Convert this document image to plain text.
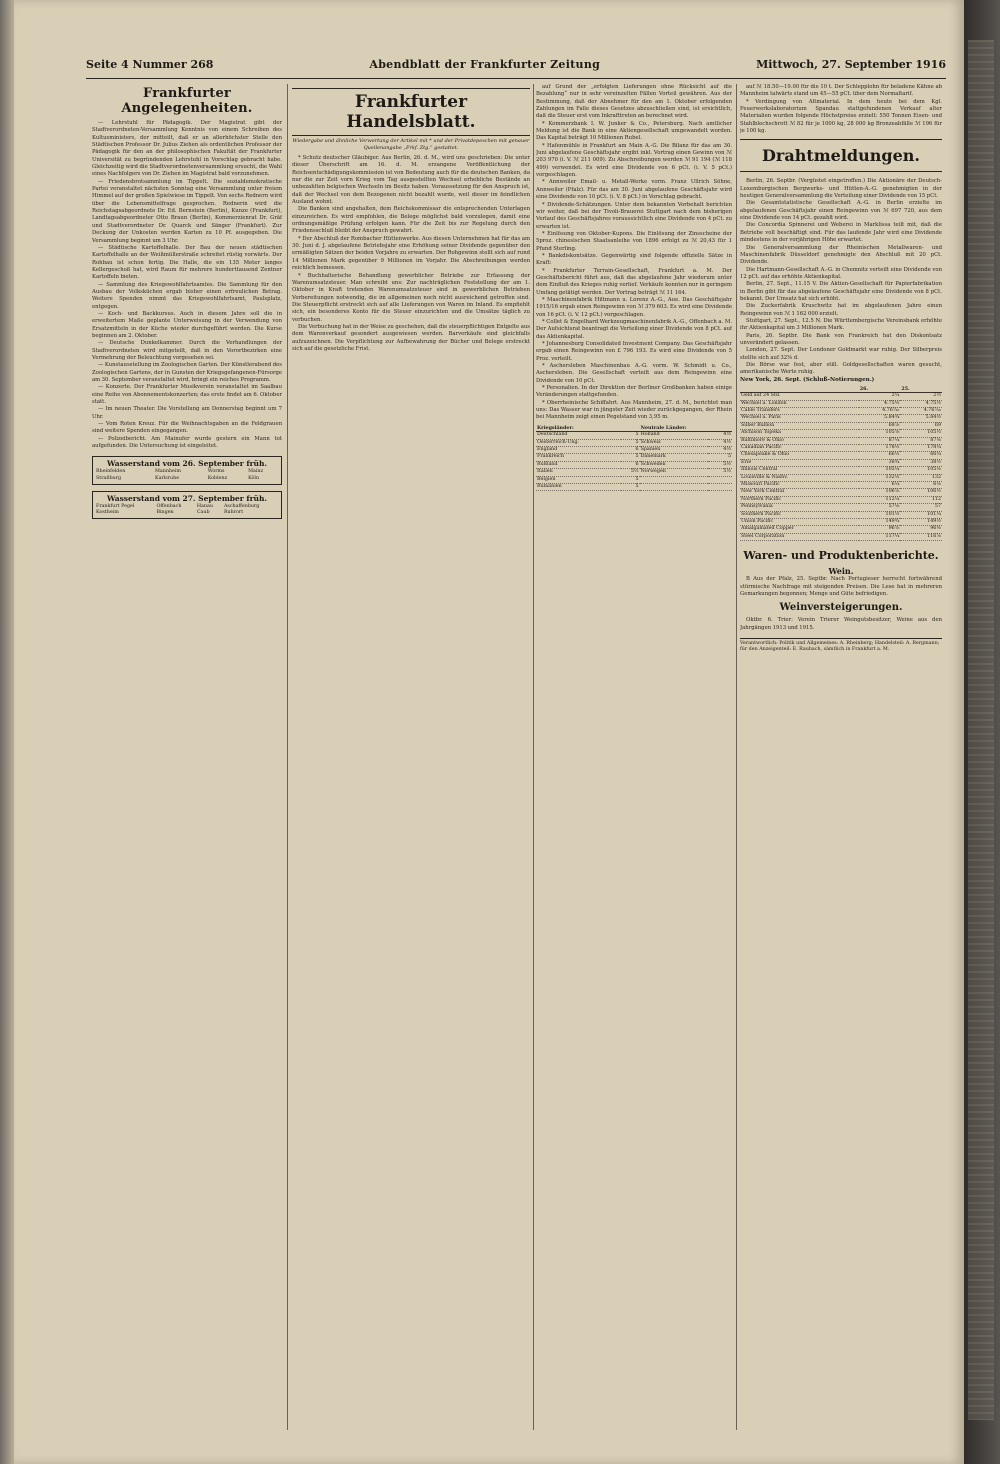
Seite 4 Nummer 268	Abendblatt der Frankfurter Zeitung	Mittwoch, 27. September 1916
Frankfurter Angelegenheiten.

— Lehrstuhl für Pädagogik. Der Magistrat gibt der Stadtverordneten-Versammlung Kenntnis von einem Schreiben des Kultusministers, der mitteilt, daß er an allerhöchster Stelle den Städtischen Professor Dr. Julius Ziehen als ordentlichen Professor der Pädagogik für den an der philosophischen Fakultät der Frankfurter Universität zu begründenden Lehrstuhl in Vorschlag gebracht habe. Gleichzeitig wird die Stadtverordnetenversammlung ersucht, die Wahl eines Nachfolgers von Dr. Ziehen im Magistrat bald vorzunehmen.

— Friedensbrotsammlung im Tippelt. Die sozialdemokratische Partei veranstaltet nächsten Sonntag eine Versammlung unter freiem Himmel auf der großen Spielwiese im Tippelt. Von sechs Rednern wird über die Lebensmittelfrage gesprochen. Rednerin wird die Reichstagsabgeordnete Dr. Ed. Bernstein (Berlin), Kunze (Frankfurt), Landtagsabgeordneter Otto Braun (Berlin), Kommerzienrat Dr. Gräf und Stadtverordneter Dr. Quarck und Sänger (Frankfurt). Zur Deckung der Unkosten werden Karten zu 10 Pf. ausgegeben. Die Versammlung beginnt um 3 Uhr.

— Städtische Kartoffelhalle. Der Bau der neuen städtischen Kartoffelhalle an der Weißmüllerstraße schreitet rüstig vorwärts. Der Rohbau ist schon fertig. Die Halle, die ein 135 Meter langes Kellergeschoß hat, wird Raum für mehrere hunderttausend Zentner Kartoffeln bieten.

— Sammlung des Kriegswohlfahrtsamtes. Die Sammlung für den Ausbau der Volksküchen ergab bisher einen erfreulichen Betrag. Weitere Spenden nimmt das Kriegswohlfahrtsamt, Paulsplatz, entgegen.

— Koch- und Backkursus. Auch in diesem Jahre soll die in erweitertem Maße geplante Unterweisung in der Verwendung von Ersatzmitteln in der Küche wieder durchgeführt werden. Die Kurse beginnen am 2. Oktober.

— Deutsche Dunkelkammer. Durch die Verhandlungen der Stadtverordneten wird mitgeteilt, daß in den Vorortbezirken eine Vermehrung der Beleuchtung vorgesehen sei.

— Kunstausstellung im Zoologischen Garten. Der Künstlerabend des Zoologischen Gartens, der in Gunsten der Kriegsgefangenen-Fürsorge am 30. September veranstaltet wird, bringt ein reiches Programm.

— Konzerte. Der Frankfurter Musikverein veranstaltet im Saalbau eine Reihe von Abonnementskonzerten; das erste findet am 6. Oktober statt.

— Im neuen Theater. Die Vorstellung am Donnerstag beginnt um 7 Uhr.

— Vom Roten Kreuz. Für die Weihnachtsgaben an die Feldgrauen sind weitere Spenden eingegangen.

— Polizeibericht. Am Mainufer wurde gestern ein Mann tot aufgefunden. Die Untersuchung ist eingeleitet.

Wasserstand vom 26. September früh.
Rheinfelden	Mannheim	Worms	Mainz
Straßburg	Karlsruhe	Koblenz	Köln
Wasserstand vom 27. September früh.
Frankfurt Pegel	Offenbach	Hanau	Aschaffenburg
Kostheim	Bingen	Caub	Ruhrort
Frankfurter Handelsblatt.
Wiedergabe und ähnliche Verwertung der Artikel mit * und der Privatdepeschen mit genauer Quellenangabe „Frkf. Ztg.“ gestattet.

* Schutz deutscher Gläubiger. Aus Berlin, 26. d. M., wird uns geschrieben: Die unter dieser Überschrift am 16. d. M. erzangene Veröffentlichung der Reichsentschädigungskommission ist von Bedeutung auch für die deutschen Banken, da nur die zur Zeit vorn Krieg vom Tag ausgestellten Wechsel erhebliche Bestände an unbezahlten belgischen Wechseln im Besitz haben. Voraussetzung für den Anspruch ist, daß der Wechsel von dem Bezogenen nicht bezahlt wurde, weil dieser im feindlichen Ausland wohnt.

Die Banken sind angehalten, dem Reichskommissar die entsprechenden Unterlagen einzureichen. Es wird empfohlen, die Belege möglichst bald vorzulegen, damit eine ordnungsmäßige Prüfung erfolgen kann. Für die Zeit bis zur Regelung durch den Friedensschluß bleibt der Anspruch gewahrt.

* Der Abschluß der Rombacher Hüttenwerke. Aus diesen Unternehmen hat für das am 30. Juni d. J. abgelaufene Betriebsjahr eine Erhöhung seiner Dividende gegenüber den ermäßigten Sätzen der beiden Vorjahre zu erwarten. Der Rohgewinn stellt sich auf rund 14 Millionen Mark gegenüber 9 Millionen im Vorjahr. Die Abschreibungen werden reichlich bemessen.

* Buchhalterische Behandlung gewerblicher Betriebe zur Erfassung der Warenumsatzsteuer. Man schreibt uns: Zur nachträglichen Feststellung der am 1. Oktober in Kraft tretenden Warenumsatzsteuer sind in gewerblichen Betrieben Vorbereitungen notwendig, die im allgemeinen noch nicht ausreichend getroffen sind. Die Steuerpflicht erstreckt sich auf alle Lieferungen von Waren im Inland. Es empfiehlt sich, ein besonderes Konto für die Steuer einzurichten und die Umsätze täglich zu verbuchen.

Die Verbuchung hat in der Weise zu geschehen, daß die steuerpflichtigen Entgelte aus dem Warenverkauf gesondert ausgewiesen werden. Barverkäufe sind gleichfalls aufzuzeichnen. Die Verpflichtung zur Aufbewahrung der Bücher und Belege erstreckt sich auf die gesetzliche Frist.

auf Grund der „erfolgten Lieferungen ohne Rücksicht auf die Bezahlung“ nur in sehr vereinzelten Fällen Vorteil gewähren. Aus der Bestimmung, daß der Abnehmer für den am 1. Oktober erfolgenden Zahlungen im Falle dieses Gesetzes abzuschließen sind, ist ersichtlich, daß die Steuer erst vom Inkrafttreten an berechnet wird.

* Kommerzbank I. W. Junker & Co., Petersburg. Nach amtlicher Meldung ist die Bank in eine Aktiengesellschaft umgewandelt worden. Das Kapital beträgt 10 Millionen Rubel.

* Hafenmühle in Frankfurt am Main A.-G. Die Bilanz für das am 30. Juni abgelaufene Geschäftsjahr ergibt inkl. Vortrag einen Gewinn von ℳ 203 970 (i. V. ℳ 211 009). Zu Abschreibungen werden ℳ 91 194 (ℳ 118 499) verwendet. Es wird eine Dividende von 6 pCt. (i. V. 5 pCt.) vorgeschlagen.

* Annweiler Email- u. Metall-Werke vorm. Franz Ullrich Söhne, Annweiler (Pfalz). Für das am 30. Juni abgelaufene Geschäftsjahr wird eine Dividende von 10 pCt. (i. V. 8 pCt.) in Vorschlag gebracht.

* Dividende-Schätzungen. Unter dem bekannten Vorbehalt berichten wir weiter, daß bei der Tivoli-Brauerei Stuttgart nach dem bisherigen Verlauf des Geschäftsjahres voraussichtlich eine Dividende von 4 pCt. zu erwarten ist.

* Einlösung von Oktober-Kupons. Die Einlösung der Zinsscheine der 5proz. chinesischen Staatsanleihe von 1896 erfolgt zu ℳ 20,43 für 1 Pfund Sterling.

* Bankdiskontsätze. Gegenwärtig sind folgende offizielle Sätze in Kraft:

* Frankfurter Terrain-Gesellschaft, Frankfurt a. M. Der Geschäftsbericht führt aus, daß das abgelaufene Jahr wiederum unter dem Einfluß des Krieges ruhig verlief. Verkäufe konnten nur in geringem Umfang getätigt werden. Der Vortrag beträgt ℳ 11 164.

* Maschinenfabrik Hiltmann u. Lorenz A.-G., Aue. Das Geschäftsjahr 1915/16 ergab einen Reingewinn von ℳ 379 603. Es wird eine Dividende von 16 pCt. (i. V. 12 pCt.) vorgeschlagen.

* Collet & Engelhard Werkzeugmaschinenfabrik A.-G., Offenbach a. M. Der Aufsichtsrat beantragt die Verteilung einer Dividende von 8 pCt. auf das Aktienkapital.

* Johannesburg Consolidated Investment Company. Das Geschäftsjahr ergab einen Reingewinn von £ 796 193. Es wird eine Dividende von 5 Proz. verteilt.

* Aschersleben Maschinenbau A.-G. vorm. W. Schmidt u. Co., Aschersleben. Die Gesellschaft verteilt aus dem Reingewinn eine Dividende von 10 pCt.

* Personalien. In der Direktion der Berliner Großbanken haben einige Veränderungen stattgefunden.

* Oberrheinische Schiffahrt. Aus Mannheim, 27. d. M., berichtet man uns: Das Wasser war in jüngster Zeit wieder zurückgegangen, der Rhein bei Mannheim zeigt einen Pegelstand von 3,95 m.

Kriegsländer:		Neutrale Länder:	
Deutschland	5	Holland	4½
Oesterreich-Ung.	5	Schweiz	4½
England	6	Spanien	4½
Frankreich	5	Dänemark	5
Rußland	6	Schweden	5½
Italien	5½	Norwegen	5½
Belgien	5		
Rumänien	5		

auf ℳ 18.50—19.00 für die 10 t. Der Schlepplohn für beladene Kähne ab Mannheim talwärts stand um 45—55 pCt. über dem Normaltarif.

* Verdingung von Altmaterial. In dem heute bei dem Kgl. Feuerwerkslaboratorium Spandau stattgefundenen Verkauf alter Materialien wurden folgende Höchstpreise erzielt: 550 Tonnen Eisen- und Stahlblechschrott ℳ 82 für je 1000 kg, 28 000 kg Bronzeabfälle ℳ 196 für je 100 kg.

Drahtmeldungen.

Berlin, 26. Septbr. (Vergüstet eingetroffen.) Die Aktionäre der Deutsch-Luxemburgischen Bergwerks- und Hütten-A.-G. genehmigten in der heutigen Generalversammlung die Verteilung einer Dividende von 15 pCt.

Die Gesamtstatistische Gesellschaft A.-G. in Berlin erzielte im abgelaufenen Geschäftsjahr einen Reingewinn von ℳ 697 720, aus dem eine Dividende von 14 pCt. gezahlt wird.

Die Concordia Spinnerei und Weberei in Marklissa teilt mit, daß die Betriebe voll beschäftigt sind. Für das laufende Jahr wird eine Dividende mindestens in der vorjährigen Höhe erwartet.

Die Generalversammlung der Rheinischen Metallwaren- und Maschinenfabrik Düsseldorf genehmigte den Abschluß mit 20 pCt. Dividende.

Die Hartmann-Gesellschaft A.-G. in Chemnitz verteilt eine Dividende von 12 pCt. auf das erhöhte Aktienkapital.

Berlin, 27. Sept., 11.15 V. Die Aktien-Gesellschaft für Papierfabrikation in Berlin gibt für das abgelaufene Geschäftsjahr eine Dividende von 8 pCt. bekannt. Der Umsatz hat sich erhöht.

Die Zuckerfabrik Kruschwitz hat im abgelaufenen Jahre einen Reingewinn von ℳ 1 162 000 erzielt.

Stuttgart, 27. Sept., 12.5 N. Die Württembergische Vereinsbank erhöhte ihr Aktienkapital um 3 Millionen Mark.

Paris, 26. Septbr. Die Bank von Frankreich hat den Diskontsatz unverändert gelassen.

London, 27. Sept. Der Londoner Goldmarkt war ruhig. Der Silberpreis stellte sich auf 32⅝ d.

Die Börse war fest, aber still. Goldgesellschaften waren gesucht, amerikanische Werte ruhig.

New York, 26. Sept. (Schluß-Notierungen.)
	26.	25.
Geld auf 24 Std.	2¼	2½
Wechsel a. London	4.75½	4.75½
Cable Transfers	4.76⁷⁄₁₆	4.76⁷⁄₁₆
Wechsel a. Paris	5.84¾	5.84½
Silber Bullion	68⅞	69
Atchison Topeka	105⅝	105½
Baltimore & Ohio	87¼	87⅛
Canadian Pacific	178½	178¼
Chesapeake & Ohio	66½	66¼
Erie	38¾	38½
Illinois Central	105¼	105⅛
Louisville & Nashv.	132½	132
Missouri Pacific	6¼	6⅛
New York Central	106⅞	106½
Northern Pacific	112¼	112
Pennsylvania	57⅛	57
Southern Pacific	101½	101¼
Union Pacific	149¾	149½
Amalgamated Copper	96⅝	96⅜
Steel Corporation	117¼	116⅞
Waren- und Produktenberichte.
Wein.

B Aus der Pfalz, 25. Septbr. Nach Portugieser herrscht fortwährend stürmische Nachfrage mit steigenden Preisen. Die Lese hat in mehreren Gemarkungen begonnen; Menge und Güte befriedigen.

Weinversteigerungen.

Oktbr. 6. Trier: Verein Trierer Weingutsbesitzer, Weine aus den Jahrgängen 1913 und 1915.

Verantwortlich: Politik und Allgemeines: A. Rheinberg; Handelsteil: A. Bergmann; für den Anzeigenteil: E. Raubach, sämtlich in Frankfurt a. M.
